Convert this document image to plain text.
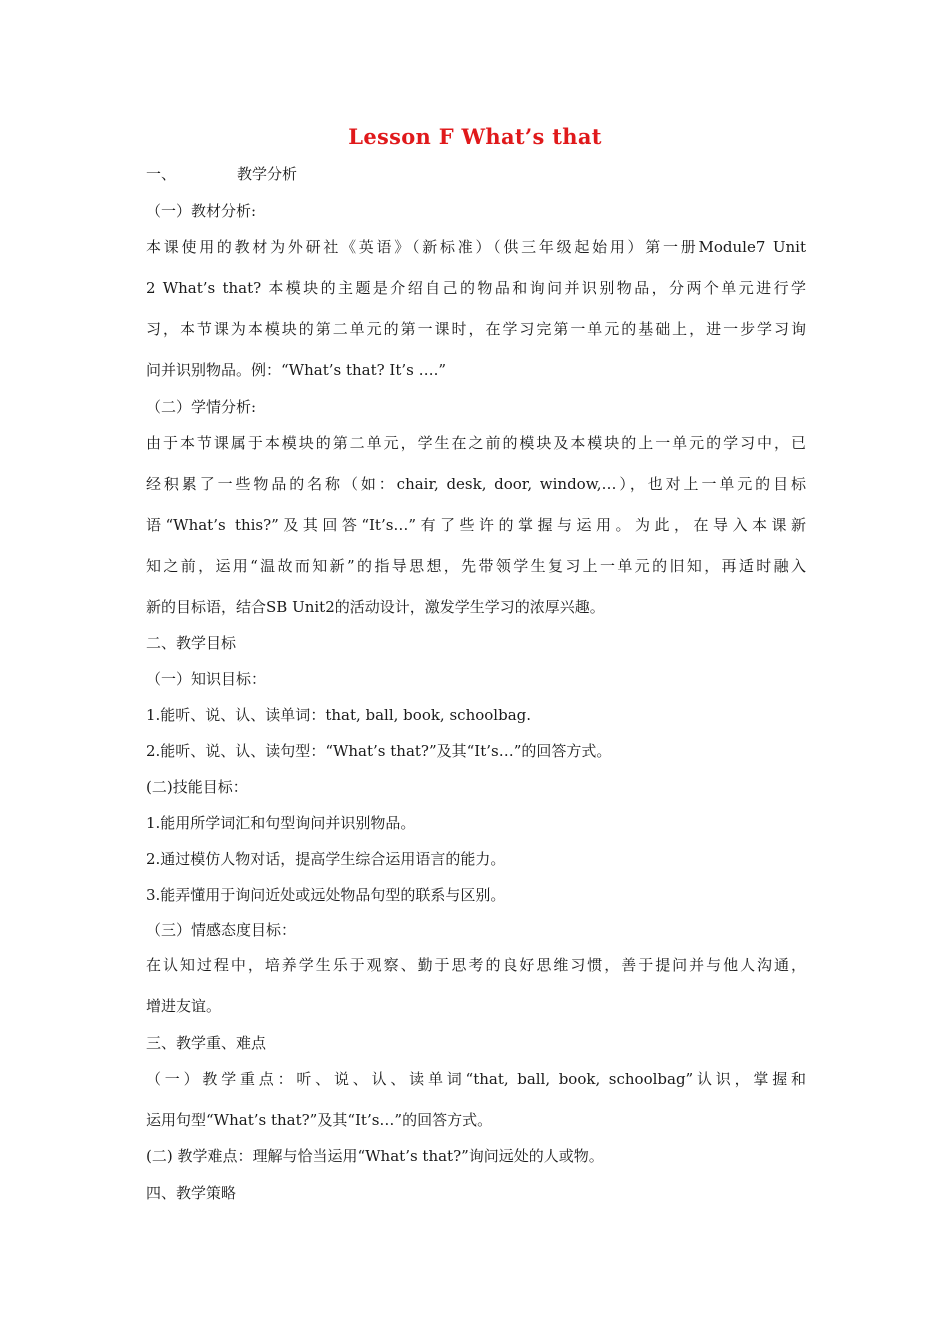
Lesson F What’s that
一、	教学分析
（一）教材分析:
本课使用的教材为外研社《英语》（新标准）（供三年级起始用）第一册Module7 Unit
2 What’s that? 本模块的主题是介绍自己的物品和询问并识别物品，分两个单元进行学
习，本节课为本模块的第二单元的第一课时，在学习完第一单元的基础上，进一步学习询
问并识别物品。例：“What’s that? It’s ….”
（二）学情分析:
由于本节课属于本模块的第二单元，学生在之前的模块及本模块的上一单元的学习中，已
经积累了一些物品的名称（如：chair, desk, door, window,…），也对上一单元的目标
语“What’s this?”及其回答“It’s…”有了些许的掌握与运用。为此，在导入本课新
知之前，运用“温故而知新”的指导思想，先带领学生复习上一单元的旧知，再适时融入
新的目标语，结合SB Unit2的活动设计，激发学生学习的浓厚兴趣。
二、教学目标
（一）知识目标：
1.能听、说、认、读单词：that, ball, book, schoolbag.
2.能听、说、认、读句型：“What’s that?”及其“It’s…”的回答方式。
(二)技能目标：
1.能用所学词汇和句型询问并识别物品。
2.通过模仿人物对话，提高学生综合运用语言的能力。
3.能弄懂用于询问近处或远处物品句型的联系与区别。
（三）情感态度目标：
在认知过程中，培养学生乐于观察、勤于思考的良好思维习惯，善于提问并与他人沟通，
增进友谊。
三、教学重、难点
（一）教学重点：听、说、认、读单词“that, ball, book, schoolbag”认识，掌握和
运用句型“What’s that?”及其“It’s…”的回答方式。
(二) 教学难点：理解与恰当运用“What’s that?”询问远处的人或物。
四、教学策略
